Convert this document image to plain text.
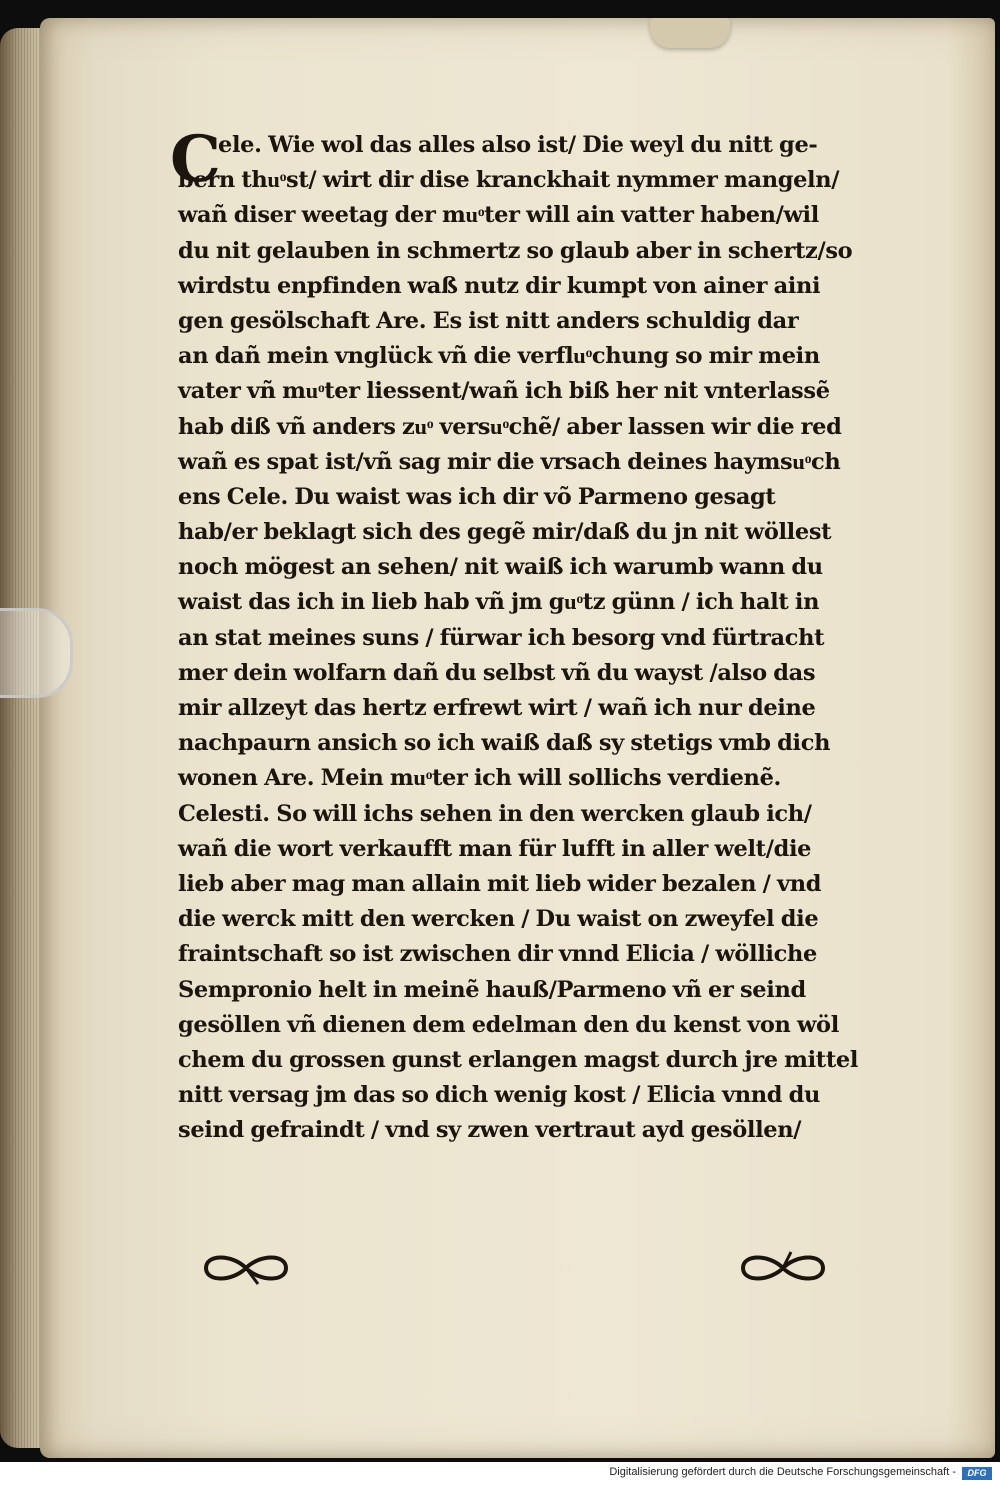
C
ele. Wie wol das alles also ist/ Die weyl du nitt ge-
bern thuͦst/ wirt dir dise kranckhait nymmer mangeln/
wañ diser weetag der muͦter will ain vatter haben/wil
du nit gelauben in schmertz so glaub aber in schertz/so
wirdstu enpfinden waß nutz dir kumpt von ainer aini
gen gesölschaft Are. Es ist nitt anders schuldig dar
an dañ mein vnglück vñ die verfluͦchung so mir mein
vater vñ muͦter liessent/wañ ich biß her nit vnterlassẽ
hab diß vñ anders zuͦ versuͦchẽ/ aber lassen wir die red
wañ es spat ist/vñ sag mir die vrsach deines haymsuͦch
ens Cele. Du waist was ich dir võ Parmeno gesagt
hab/er beklagt sich des gegẽ mir/daß du jn nit wöllest
noch mögest an sehen/ nit waiß ich warumb wann du
waist das ich in lieb hab vñ jm guͦtz günn / ich halt in
an stat meines suns / fürwar ich besorg vnd fürtracht
mer dein wolfarn dañ du selbst vñ du wayst /also das
mir allzeyt das hertz erfrewt wirt / wañ ich nur deine
nachpaurn ansich so ich waiß daß sy stetigs vmb dich
wonen Are. Mein muͦter ich will sollichs verdienẽ.
Celesti. So will ichs sehen in den wercken glaub ich/
wañ die wort verkaufft man für lufft in aller welt/die
lieb aber mag man allain mit lieb wider bezalen / vnd
die werck mitt den wercken / Du waist on zweyfel die
fraintschaft so ist zwischen dir vnnd Elicia / wölliche
Sempronio helt in meinẽ hauß/Parmeno vñ er seind
gesöllen vñ dienen dem edelman den du kenst von wöl
chem du grossen gunst erlangen magst durch jre mittel
nitt versag jm das so dich wenig kost / Elicia vnnd du
seind gefraindt / vnd sy zwen vertraut ayd gesöllen/
Digitalisierung gefördert durch die Deutsche Forschungsgemeinschaft -	DFG
